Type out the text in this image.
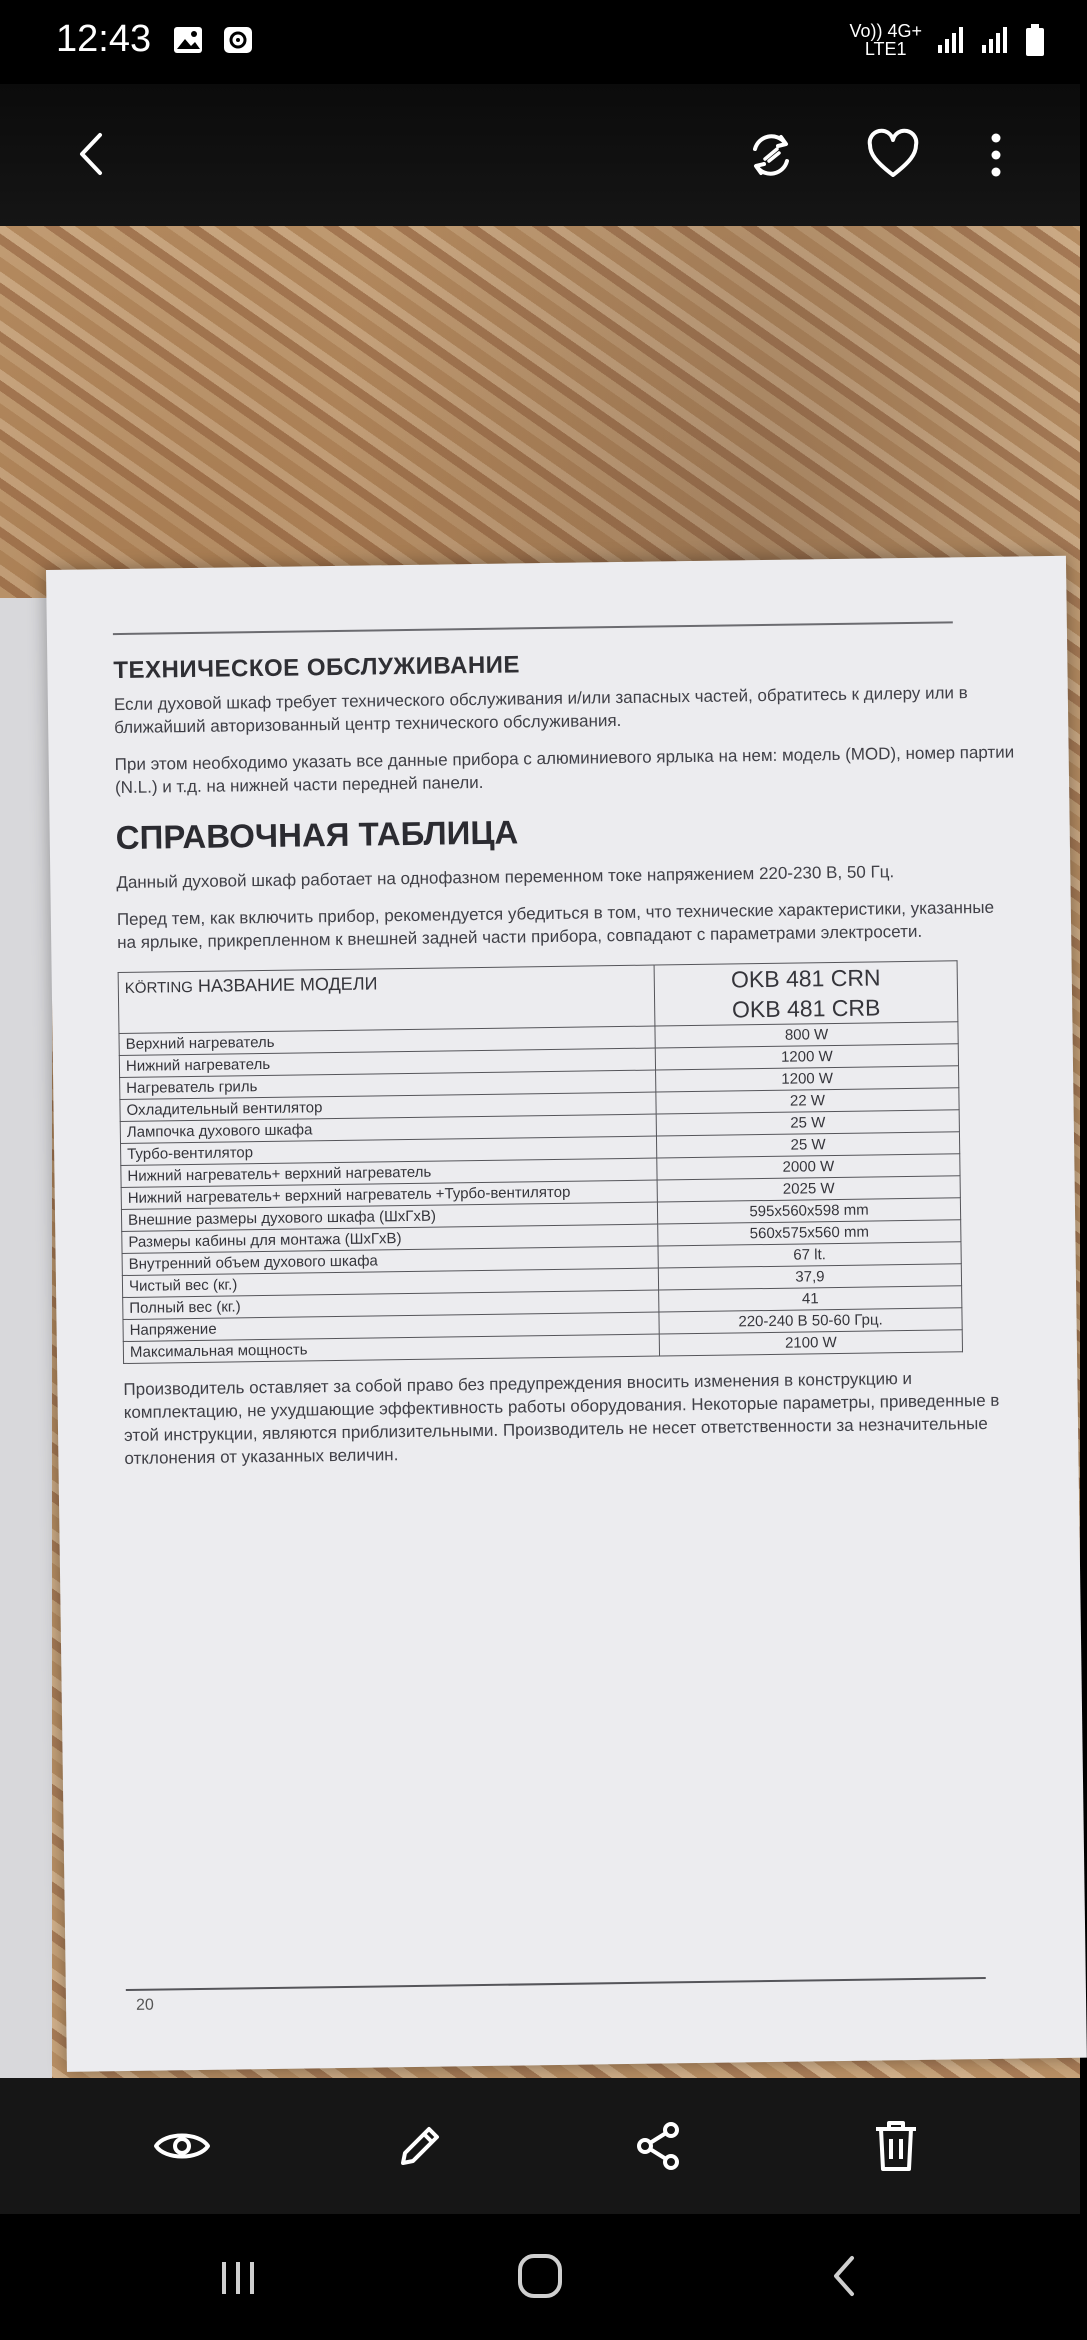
12:43	Vo)) 4G+
LTE1
ТЕХНИЧЕСКОЕ ОБСЛУЖИВАНИЕ

Если духовой шкаф требует технического обслуживания и/или запасных частей, обратитесь к дилеру или в ближайший авторизованный центр технического обслуживания.

При этом необходимо указать все данные прибора с алюминиевого ярлыка на нем: модель (MOD), номер партии (N.L.) и т.д. на нижней части передней панели.

СПРАВОЧНАЯ ТАБЛИЦА

Данный духовой шкаф работает на однофазном переменном токе напряжением 220-230 В, 50 Гц.

Перед тем, как включить прибор, рекомендуется убедиться в том, что технические характеристики, указанные на ярлыке, прикрепленном к внешней задней части прибора, совпадают с параметрами электросети.

KÖRTING НАЗВАНИЕ МОДЕЛИ	OKB 481 CRN
OKB 481 CRB

Верхний нагреватель	800 W
Нижний нагреватель	1200 W
Нагреватель гриль	1200 W
Охладительный вентилятор	22 W
Лампочка духового шкафа	25 W
Турбо-вентилятор	25 W
Нижний нагреватель+ верхний нагреватель	2000 W
Нижний нагреватель+ верхний нагреватель +Турбо-вентилятор	2025 W
Внешние размеры духового шкафа (ШхГхВ)	595x560x598 mm
Размеры кабины для монтажа (ШхГхВ)	560x575x560 mm
Внутренний объем духового шкафа	67 lt.
Чистый вес (кг.)	37,9
Полный вес (кг.)	41
Напряжение	220-240 В 50-60 Грц.
Максимальная мощность	2100 W

Производитель оставляет за собой право без предупреждения вносить изменения в конструкцию и комплектацию, не ухудшающие эффективность работы оборудования. Некоторые параметры, приведенные в этой инструкции, являются приблизительными. Производитель не несет ответственности за незначительные отклонения от указанных величин.

20
